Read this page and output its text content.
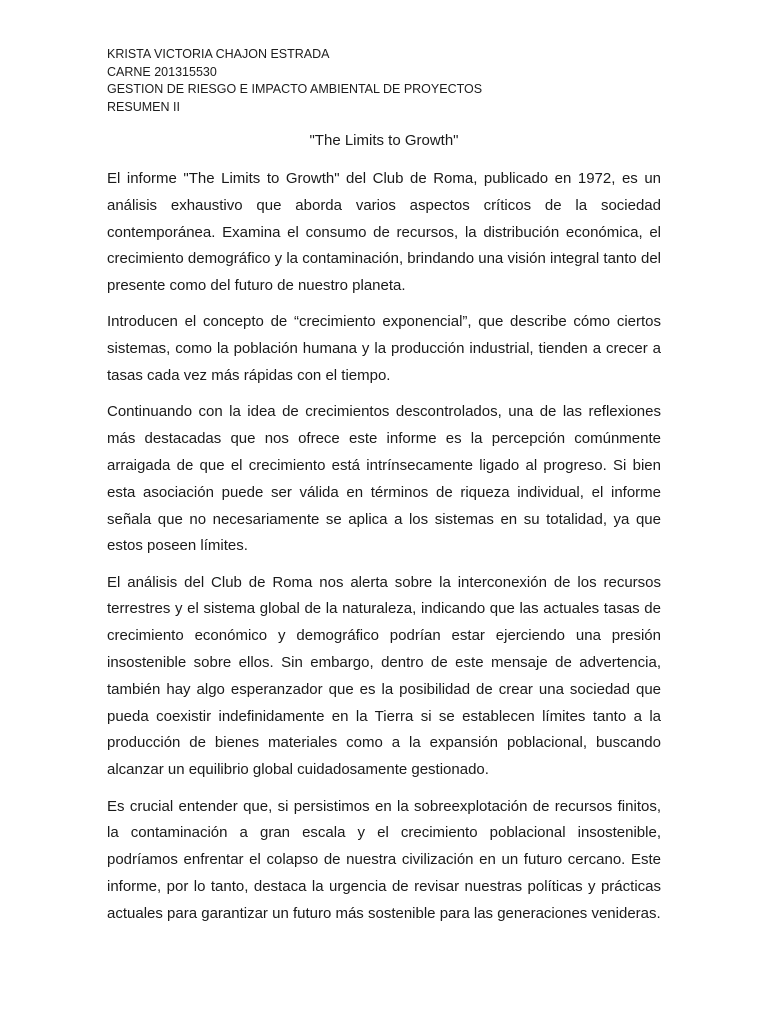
KRISTA VICTORIA CHAJON ESTRADA
CARNE 201315530
GESTION DE RIESGO E IMPACTO AMBIENTAL DE PROYECTOS
RESUMEN II
"The Limits to Growth"

El informe "The Limits to Growth" del Club de Roma, publicado en 1972, es un análisis exhaustivo que aborda varios aspectos críticos de la sociedad contemporánea. Examina el consumo de recursos, la distribución económica, el crecimiento demográfico y la contaminación, brindando una visión integral tanto del presente como del futuro de nuestro planeta.

Introducen el concepto de “crecimiento exponencial”, que describe cómo ciertos sistemas, como la población humana y la producción industrial, tienden a crecer a tasas cada vez más rápidas con el tiempo.

Continuando con la idea de crecimientos descontrolados, una de las reflexiones más destacadas que nos ofrece este informe es la percepción comúnmente arraigada de que el crecimiento está intrínsecamente ligado al progreso. Si bien esta asociación puede ser válida en términos de riqueza individual, el informe señala que no necesariamente se aplica a los sistemas en su totalidad, ya que estos poseen límites.

El análisis del Club de Roma nos alerta sobre la interconexión de los recursos terrestres y el sistema global de la naturaleza, indicando que las actuales tasas de crecimiento económico y demográfico podrían estar ejerciendo una presión insostenible sobre ellos. Sin embargo, dentro de este mensaje de advertencia, también hay algo esperanzador que es la posibilidad de crear una sociedad que pueda coexistir indefinidamente en la Tierra si se establecen límites tanto a la producción de bienes materiales como a la expansión poblacional, buscando alcanzar un equilibrio global cuidadosamente gestionado.

Es crucial entender que, si persistimos en la sobreexplotación de recursos finitos, la contaminación a gran escala y el crecimiento poblacional insostenible, podríamos enfrentar el colapso de nuestra civilización en un futuro cercano. Este informe, por lo tanto, destaca la urgencia de revisar nuestras políticas y prácticas actuales para garantizar un futuro más sostenible para las generaciones venideras.
